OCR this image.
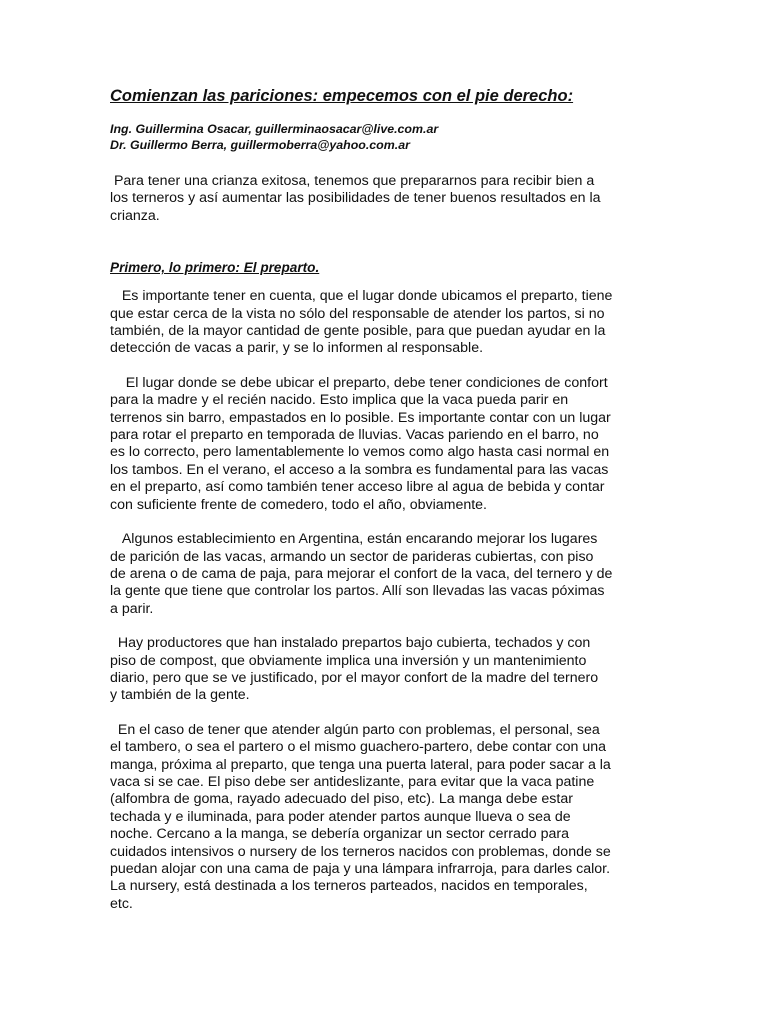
Comienzan las pariciones: empecemos con el pie derecho:
Ing. Guillermina Osacar, guillerminaosacar@live.com.ar
Dr. Guillermo Berra, guillermoberra@yahoo.com.ar

Para tener una crianza exitosa, tenemos que prepararnos para recibir bien a
los terneros y así aumentar las posibilidades de tener buenos resultados en la
crianza.

Primero, lo primero: El preparto.

Es importante tener en cuenta, que el lugar donde ubicamos el preparto, tiene
que estar cerca de la vista no sólo del responsable de atender los partos, si no
también, de la mayor cantidad de gente posible, para que puedan ayudar en la
detección de vacas a parir, y se lo informen al responsable.

El lugar donde se debe ubicar el preparto, debe tener condiciones de confort
para la madre y el recién nacido. Esto implica que la vaca pueda parir en
terrenos sin barro, empastados en lo posible. Es importante contar con un lugar
para rotar el preparto en temporada de lluvias. Vacas pariendo en el barro, no
es lo correcto, pero lamentablemente lo vemos como algo hasta casi normal en
los tambos. En el verano, el acceso a la sombra es fundamental para las vacas
en el preparto, así como también tener acceso libre al agua de bebida y contar
con suficiente frente de comedero, todo el año, obviamente.

Algunos establecimiento en Argentina, están encarando mejorar los lugares
de parición de las vacas, armando un sector de parideras cubiertas, con piso
de arena o de cama de paja, para mejorar el confort de la vaca, del ternero y de
la gente que tiene que controlar los partos. Allí son llevadas las vacas póximas
a parir.

Hay productores que han instalado prepartos bajo cubierta, techados y con
piso de compost, que obviamente implica una inversión y un mantenimiento
diario, pero que se ve justificado, por el mayor confort de la madre del ternero
y también de la gente.

En el caso de tener que atender algún parto con problemas, el personal, sea
el tambero, o sea el partero o el mismo guachero-partero, debe contar con una
manga, próxima al preparto, que tenga una puerta lateral, para poder sacar a la
vaca si se cae. El piso debe ser antideslizante, para evitar que la vaca patine
(alfombra de goma, rayado adecuado del piso, etc). La manga debe estar
techada y e iluminada, para poder atender partos aunque llueva o sea de
noche. Cercano a la manga, se debería organizar un sector cerrado para
cuidados intensivos o nursery de los terneros nacidos con problemas, donde se
puedan alojar con una cama de paja y una lámpara infrarroja, para darles calor.
La nursery, está destinada a los terneros parteados, nacidos en temporales,
etc.
